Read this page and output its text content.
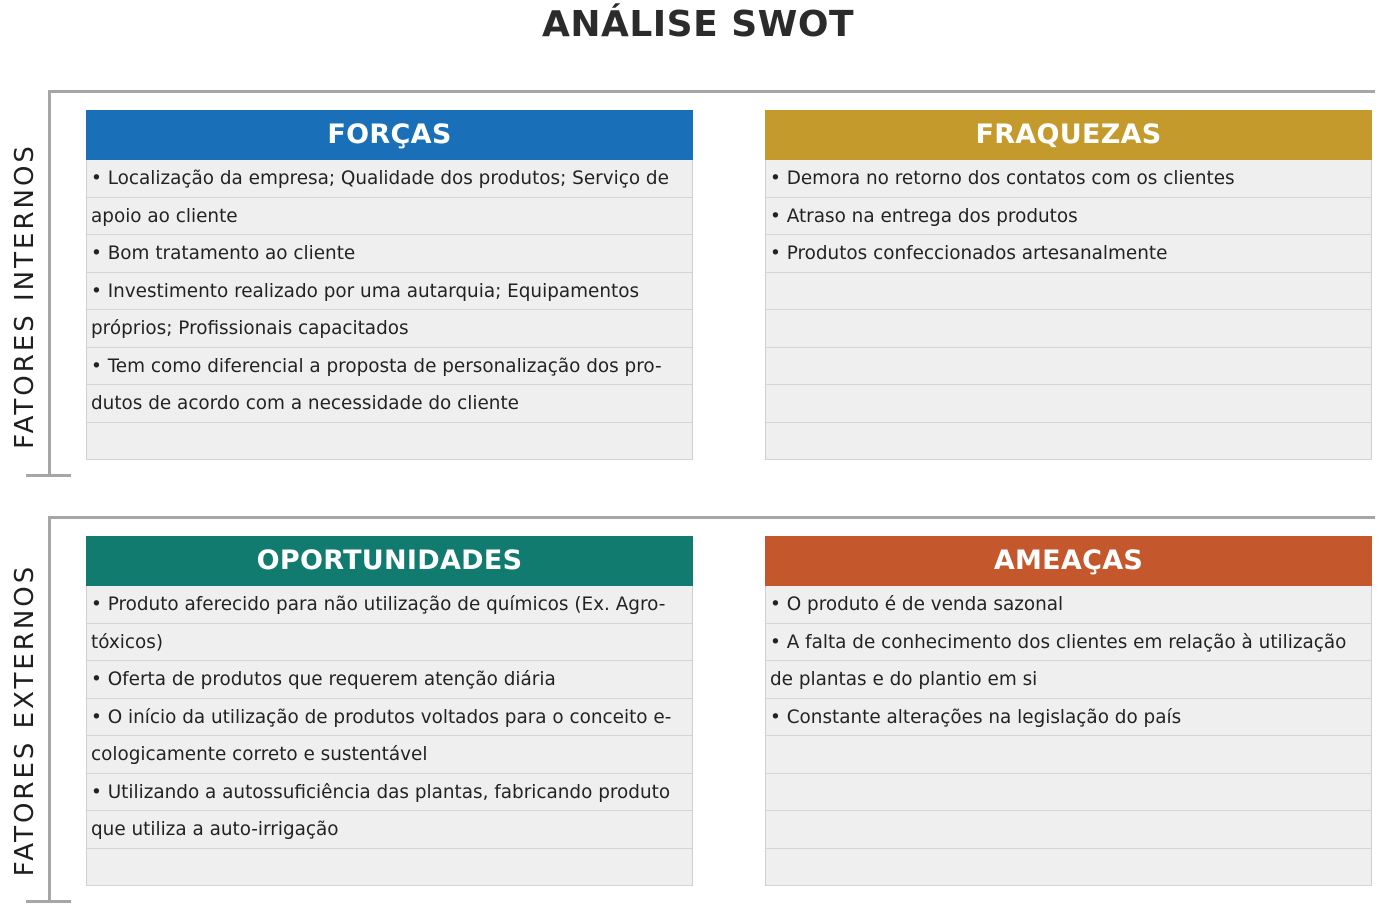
ANÁLISE SWOT
FATORES INTERNOS
FATORES EXTERNOS
FORÇAS
• Localização da empresa; Qualidade dos produtos; Serviço de
apoio ao cliente
• Bom tratamento ao cliente
• Investimento realizado por uma autarquia; Equipamentos
próprios; Profissionais capacitados
• Tem como diferencial a proposta de personalização dos pro-
dutos de acordo com a necessidade do cliente
FRAQUEZAS
• Demora no retorno dos contatos com os clientes
• Atraso na entrega dos produtos
• Produtos confeccionados artesanalmente
OPORTUNIDADES
• Produto aferecido para não utilização de químicos (Ex. Agro-
tóxicos)
• Oferta de produtos que requerem atenção diária
• O início da utilização de produtos voltados para o conceito e-
cologicamente correto e sustentável
• Utilizando a autossuficiência das plantas, fabricando produto
que utiliza a auto-irrigação
AMEAÇAS
• O produto é de venda sazonal
• A falta de conhecimento dos clientes em relação à utilização
de plantas e do plantio em si
• Constante alterações na legislação do país
